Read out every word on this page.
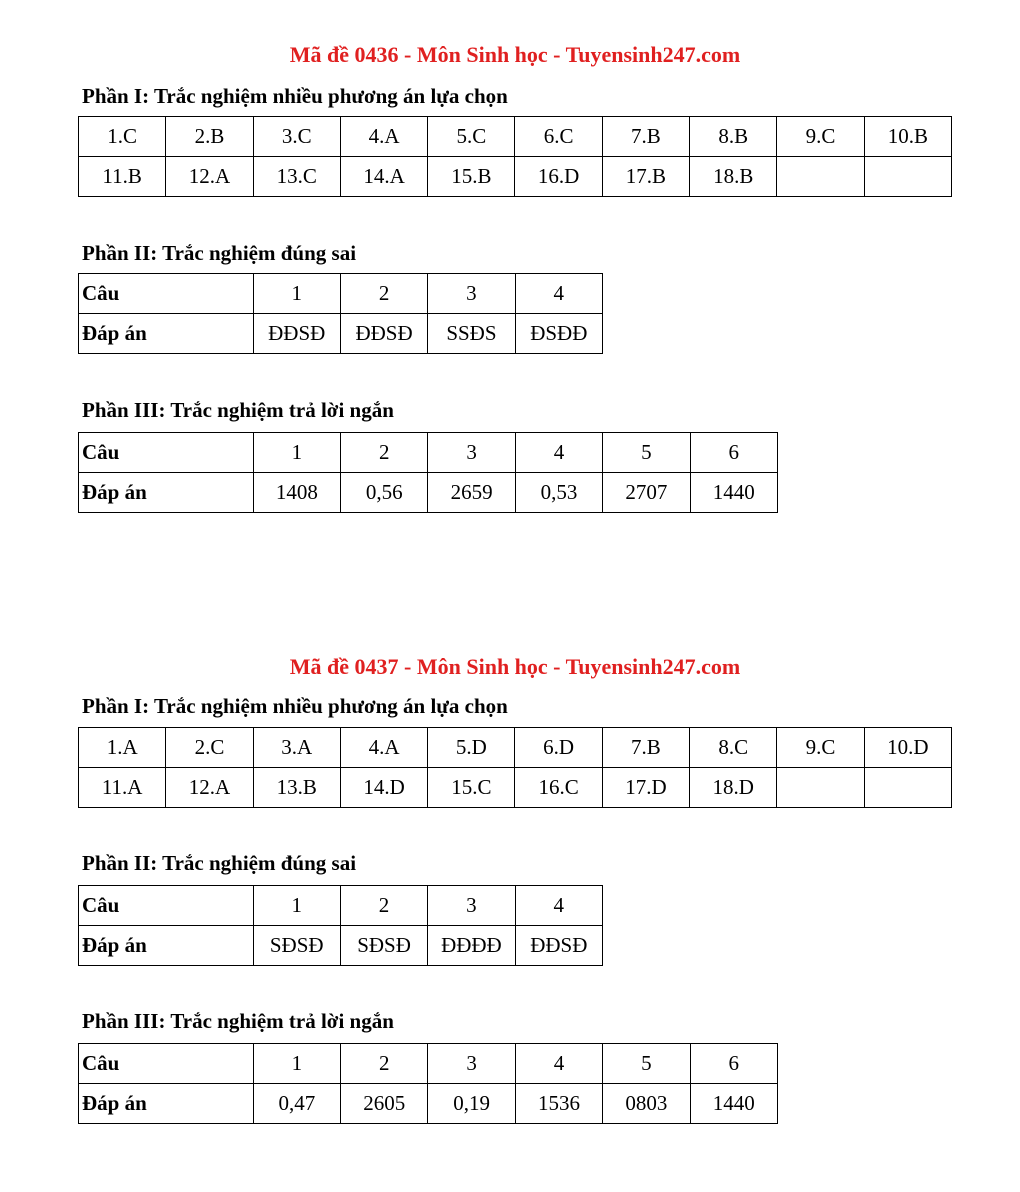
Mã đề 0436 - Môn Sinh học - Tuyensinh247.com
Phần I: Trắc nghiệm nhiều phương án lựa chọn
1.C	2.B	3.C	4.A	5.C	6.C	7.B	8.B	9.C	10.B
11.B	12.A	13.C	14.A	15.B	16.D	17.B	18.B		
Phần II: Trắc nghiệm đúng sai
Câu	1	2	3	4
Đáp án	ĐĐSĐ	ĐĐSĐ	SSĐS	ĐSĐĐ
Phần III: Trắc nghiệm trả lời ngắn
Câu	1	2	3	4	5	6
Đáp án	1408	0,56	2659	0,53	2707	1440
Mã đề 0437 - Môn Sinh học - Tuyensinh247.com
Phần I: Trắc nghiệm nhiều phương án lựa chọn
1.A	2.C	3.A	4.A	5.D	6.D	7.B	8.C	9.C	10.D
11.A	12.A	13.B	14.D	15.C	16.C	17.D	18.D		
Phần II: Trắc nghiệm đúng sai
Câu	1	2	3	4
Đáp án	SĐSĐ	SĐSĐ	ĐĐĐĐ	ĐĐSĐ
Phần III: Trắc nghiệm trả lời ngắn
Câu	1	2	3	4	5	6
Đáp án	0,47	2605	0,19	1536	0803	1440
